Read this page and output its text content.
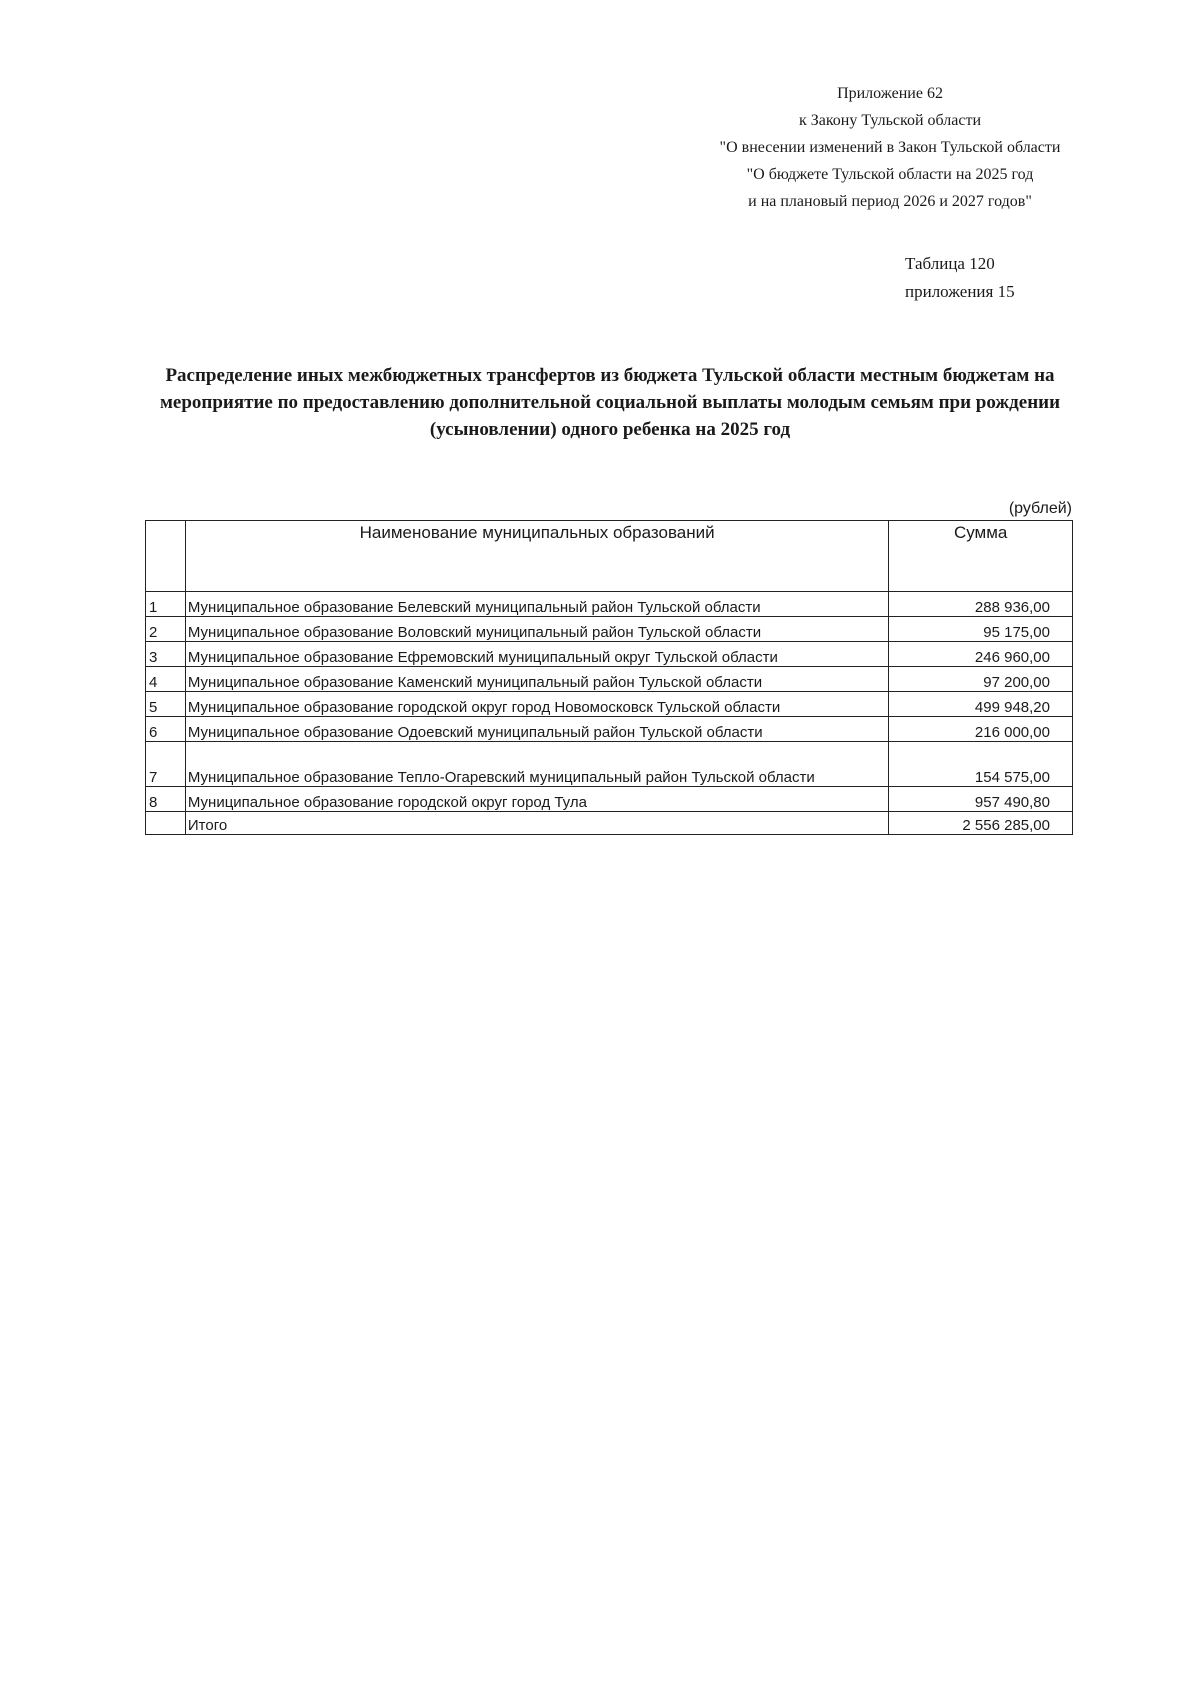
Приложение 62
к Закону Тульской области
"О внесении изменений в Закон Тульской области
"О бюджете Тульской области на 2025 год
и на плановый период 2026 и 2027 годов"
Таблица 120
приложения 15
Распределение иных межбюджетных трансфертов из бюджета Тульской области местным бюджетам на
мероприятие по предоставлению дополнительной социальной выплаты молодым семьям при рождении
(усыновлении) одного ребенка на 2025 год
(рублей)
	Наименование муниципальных образований	Сумма
1	Муниципальное образование Белевский муниципальный район Тульской области	288 936,00
2	Муниципальное образование Воловский муниципальный район Тульской области	95 175,00
3	Муниципальное образование Ефремовский муниципальный округ Тульской области	246 960,00
4	Муниципальное образование Каменский муниципальный район Тульской области	97 200,00
5	Муниципальное образование городской округ город Новомосковск Тульской области	499 948,20
6	Муниципальное образование Одоевский муниципальный район Тульской области	216 000,00
7	Муниципальное образование Тепло-Огаревский муниципальный район Тульской области	154 575,00
8	Муниципальное образование городской округ город Тула	957 490,80
	Итого	2 556 285,00
